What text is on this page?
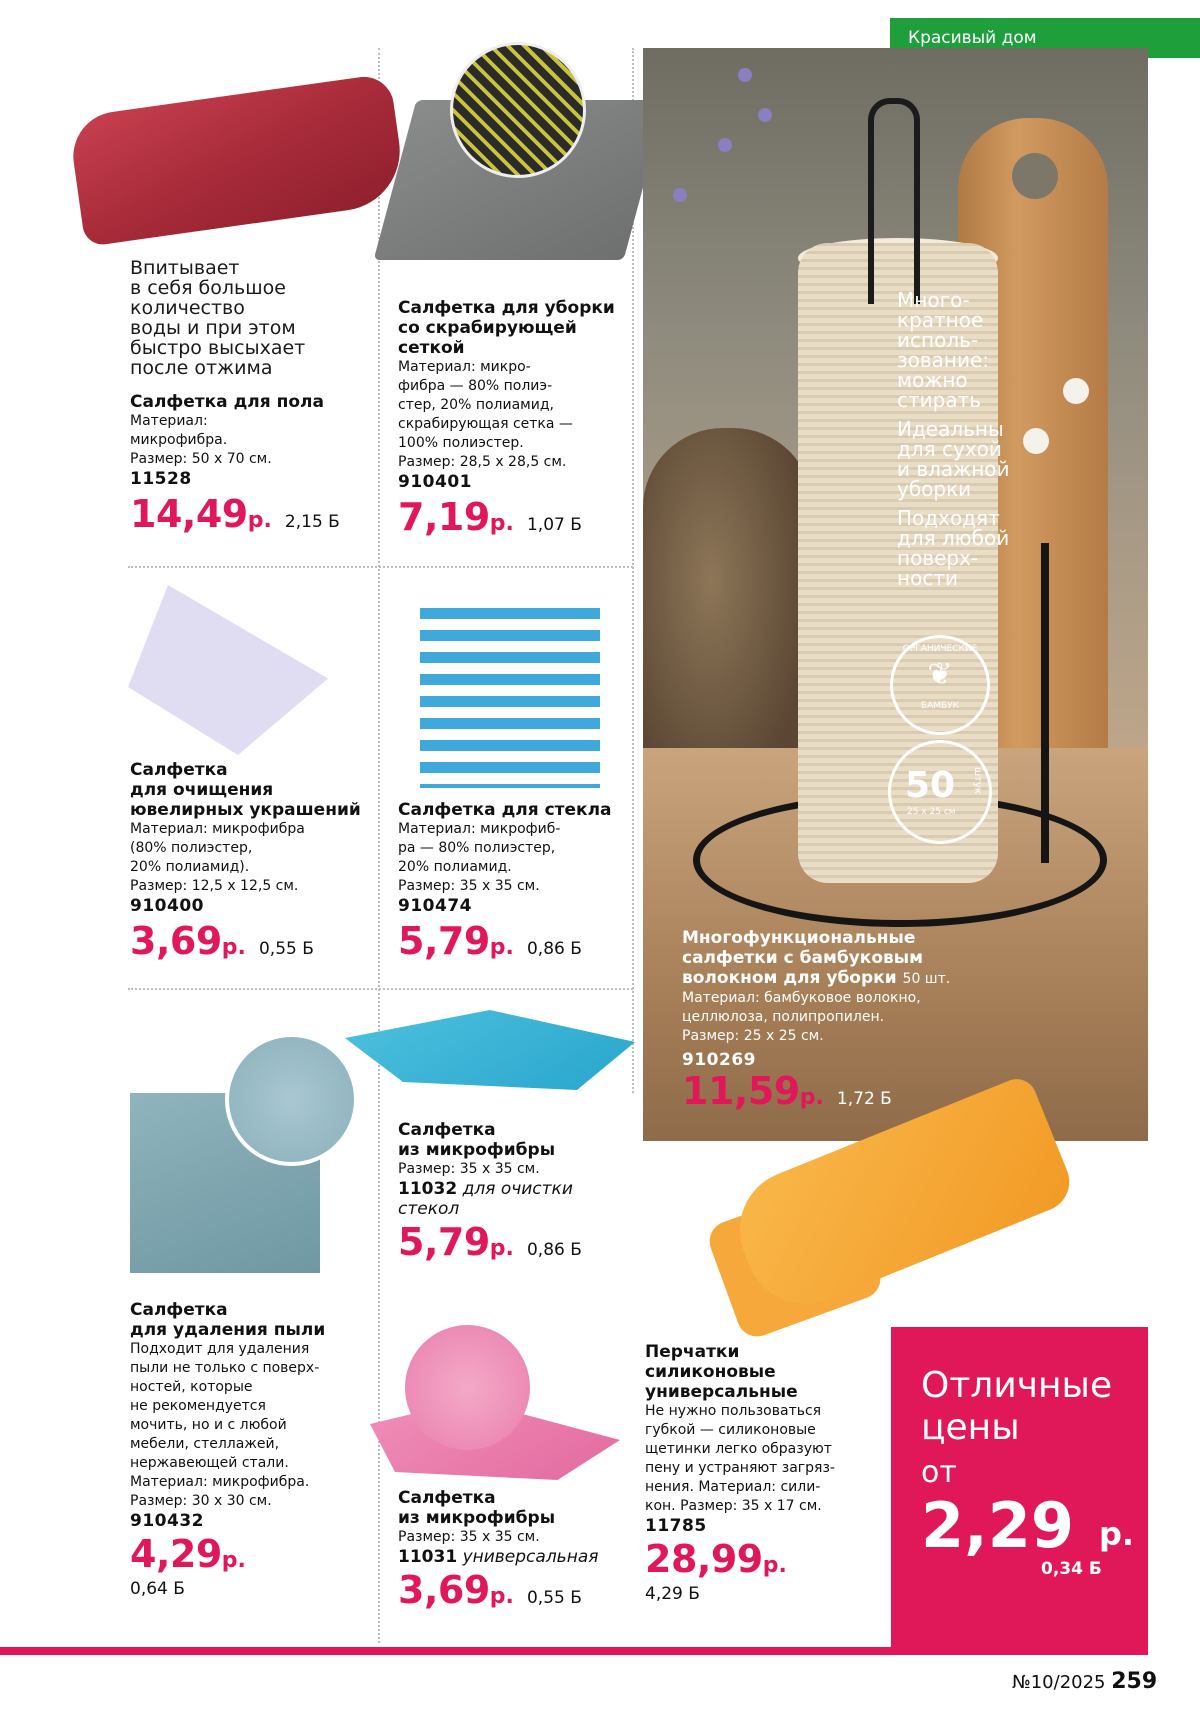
Красивый дом
Много-
кратное
исполь-
зование:
можно
стирать
Идеальны
для сухой
и влажной
уборки
Подходят
для любой
поверх-
ности
ОРГАНИЧЕСКИЕ
❦
БАМБУК
50
25 х 25 см
штук
Многофункциональные
салфетки с бамбуковым
волокном для уборки 50 шт.
Материал: бамбуковое волокно,
целлюлоза, полипропилен.
Размер: 25 х 25 см.
910269
11,59р. 1,72 Б
Впитывает
в себя большое
количество
воды и при этом
быстро высыхает
после отжима
Салфетка для пола
Материал:
микрофибра.
Размер: 50 х 70 см.
11528
14,49р. 2,15 Б
Салфетка для уборки
со скрабирующей
сеткой
Материал: микро-
фибра — 80% полиэ-
стер, 20% полиамид,
скрабирующая сетка —
100% полиэстер.
Размер: 28,5 х 28,5 см.
910401
7,19р. 1,07 Б
Салфетка
для очищения
ювелирных украшений
Материал: микрофибра
(80% полиэстер,
20% полиамид).
Размер: 12,5 х 12,5 см.
910400
3,69р. 0,55 Б
Салфетка для стекла
Материал: микрофиб-
ра — 80% полиэстер,
20% полиамид.
Размер: 35 х 35 см.
910474
5,79р. 0,86 Б
Салфетка
из микрофибры
Размер: 35 х 35 см.
11032 для очистки
стекол
5,79р. 0,86 Б
Салфетка
для удаления пыли
Подходит для удаления
пыли не только с поверх-
ностей, которые
не рекомендуется
мочить, но и с любой
мебели, стеллажей,
нержавеющей стали.
Материал: микрофибра.
Размер: 30 х 30 см.
910432
4,29р.
0,64 Б
Салфетка
из микрофибры
Размер: 35 х 35 см.
11031 универсальная
3,69р. 0,55 Б
Перчатки
силиконовые
универсальные
Не нужно пользоваться
губкой — силиконовые
щетинки легко образуют
пену и устраняют загряз-
нения. Материал: сили-
кон. Размер: 35 х 17 см.
11785
28,99р.
4,29 Б
Отличные
цены
от
2,29 р.
0,34 Б
№10/2025 259
